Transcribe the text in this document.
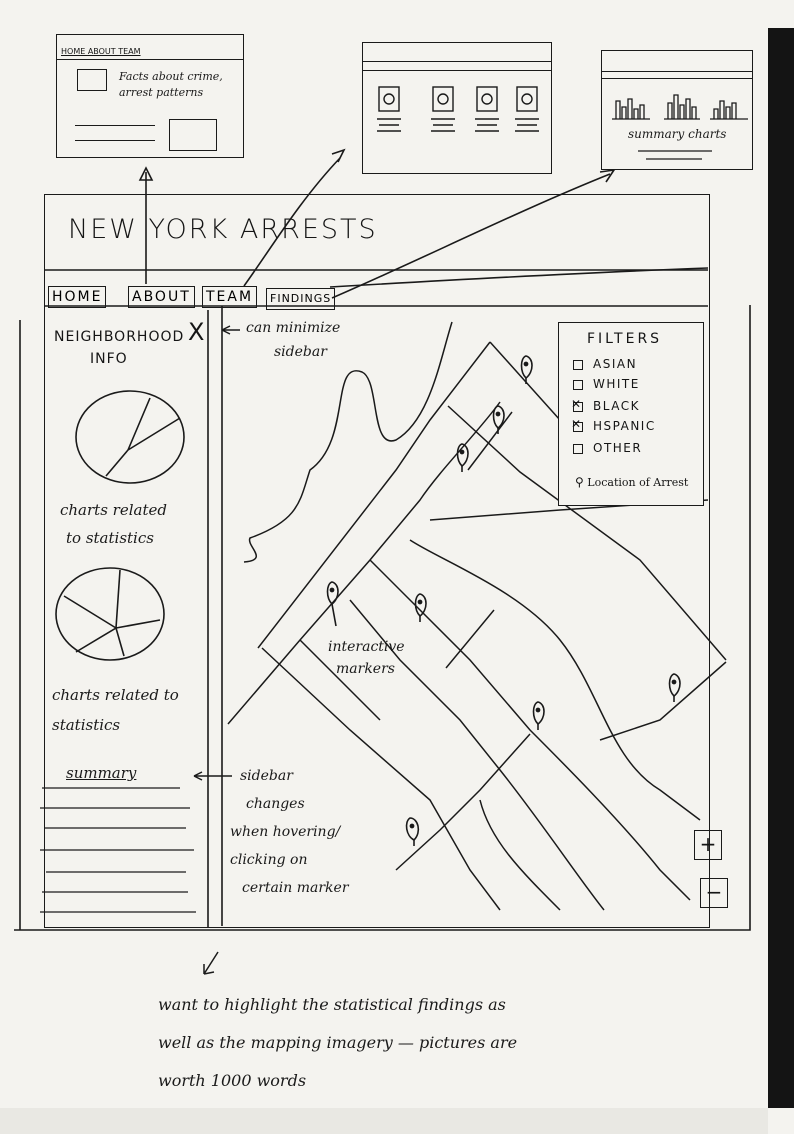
HOME ABOUT TEAM
Facts about crime, arrest patterns
summary charts
NEW YORK ARRESTS
HOME ABOUT TEAM	FINDINGS
NEIGHBORHOOD
INFO
X
charts related
to statistics
charts related to
statistics
summary
FILTERS
ASIAN
WHITE
✕BLACK
✕HSPANIC
OTHER
⚲ Location of Arrest
+
−
can minimize
sidebar
interactive
markers
sidebar
changes
when hovering/
clicking on
certain marker
want to highlight the statistical findings as
well as the mapping imagery — pictures are
worth 1000 words
